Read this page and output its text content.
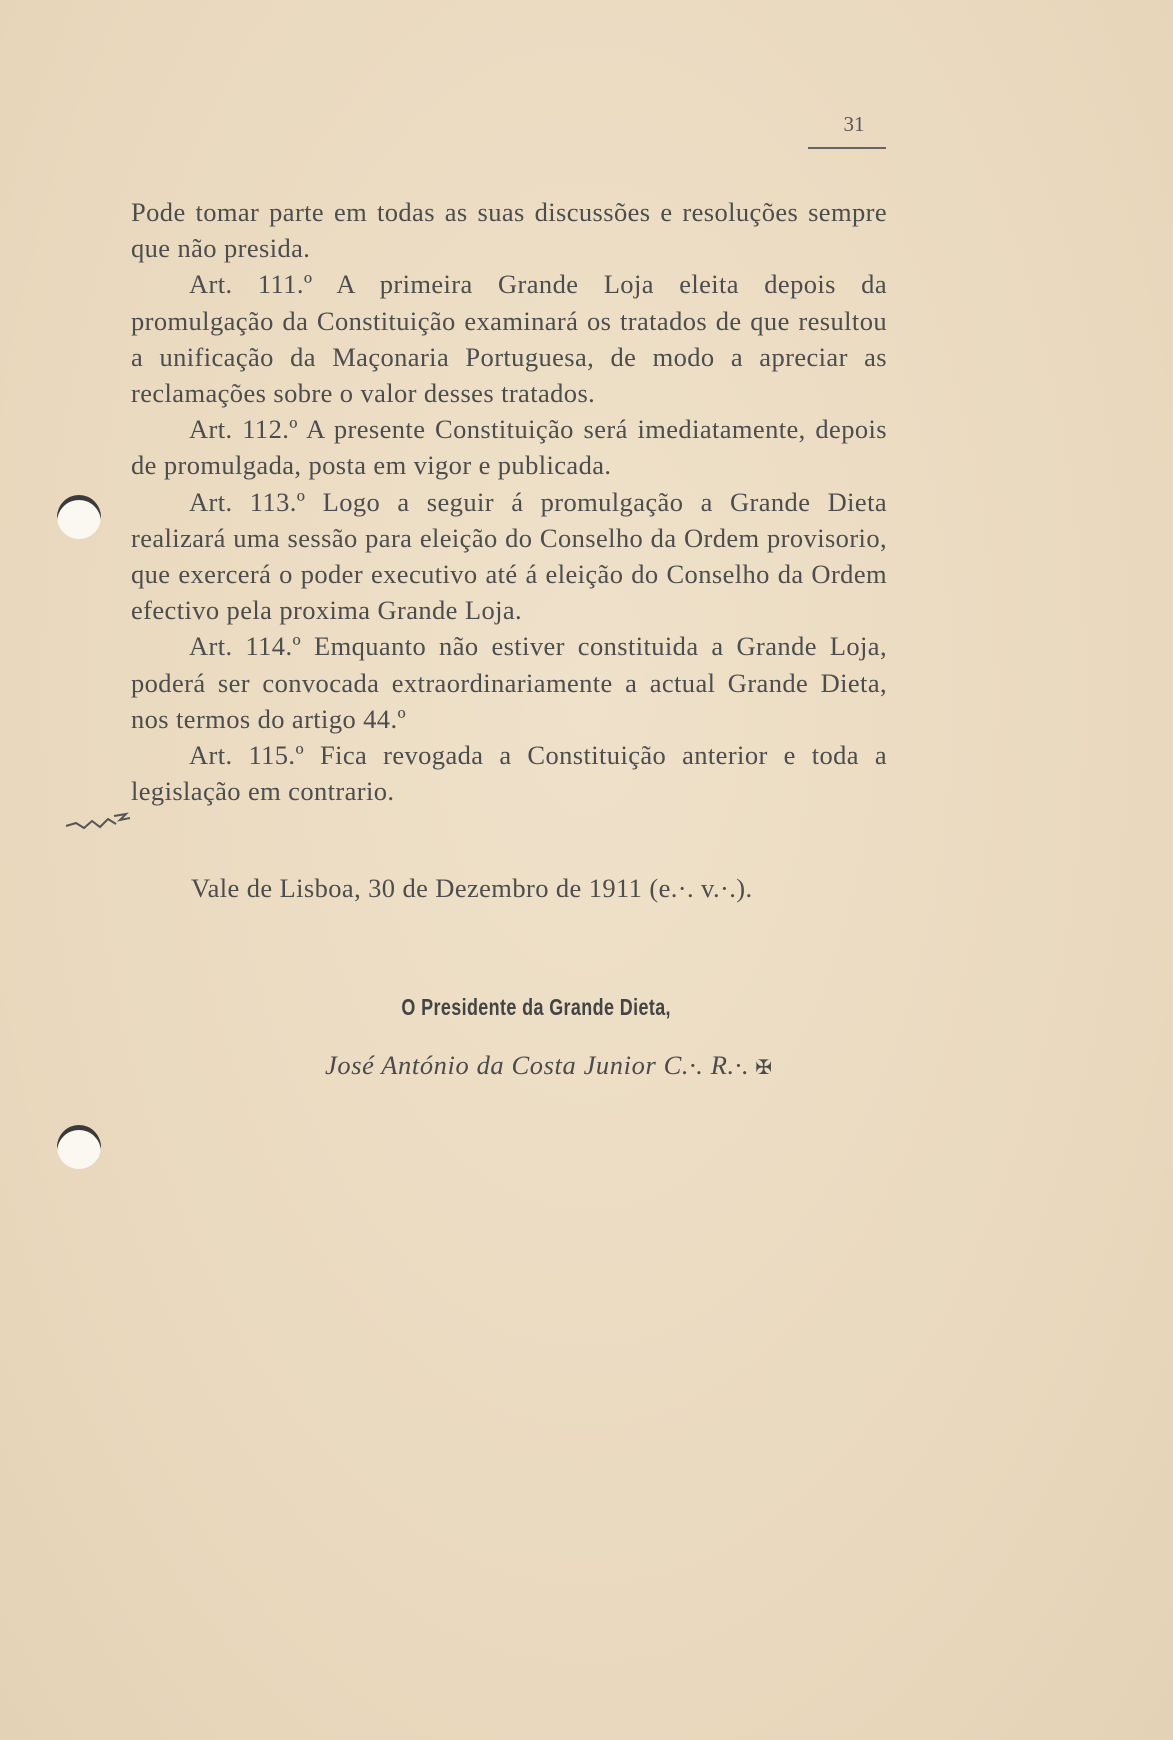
31

Pode tomar parte em todas as suas discussões e resoluções sempre que não presida.

Art. 111.º A primeira Grande Loja eleita depois da promulgação da Constituição examinará os tratados de que resultou a unificação da Maçonaria Portuguesa, de modo a apreciar as reclamações sobre o valor desses tratados.

Art. 112.º A presente Constituição será imediatamente, depois de promulgada, posta em vigor e publicada.

Art. 113.º Logo a seguir á promulgação a Grande Dieta realizará uma sessão para eleição do Conselho da Ordem provisorio, que exercerá o poder executivo até á eleição do Conselho da Ordem efectivo pela proxima Grande Loja.

Art. 114.º Emquanto não estiver constituida a Grande Loja, poderá ser convocada extraordinariamente a actual Grande Dieta, nos termos do artigo 44.º

Art. 115.º Fica revogada a Constituição anterior e toda a legislação em contrario.

Vale de Lisboa, 30 de Dezembro de 1911 (e.·. v.·.).
O Presidente da Grande Dieta,
José António da Costa Junior C.·. R.·. ✠
